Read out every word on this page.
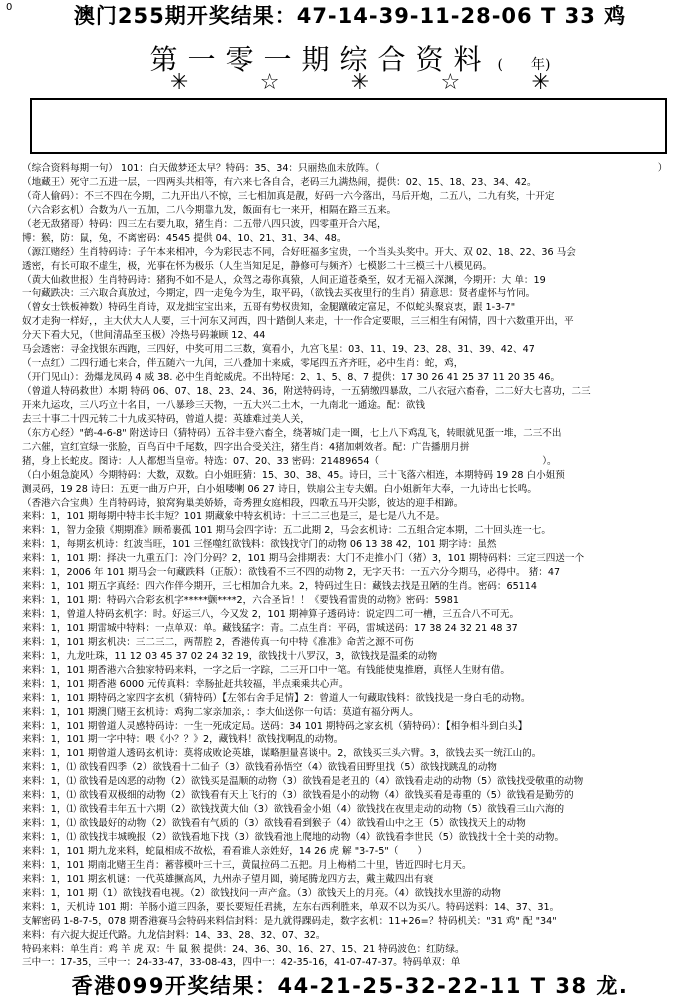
0	澳门255期开奖结果：47-14-39-11-28-06 T 33 鸡
第一零一期综合资料 (　　年)
✳	☆	✳	☆	✳
（综合资料每期一句） 101：白天做梦还太早？特码：35、34：只丽热血未放阵。（　　　　　　　　　　　　　　　　　　　　　　　　　　　　　）
（地藏王）死守二五进一层，一四两头共相等，有六来七各自合，老码三九满热闹，提供：02、15、18、23、34、42。
（奇人偷码）：不三不四在今期，二九开出八不惊，三七相加真是靓，好码一六今落出，马后开炮，二五八，二九有奖，十开定
（六合彩玄机）合数为八一五加，二八今期靠九发，飯面有七一来开，相隔在路三五来。
（老无敌猪哥）特码：四三左右要九取，猪生肖：二五带八四只波，四零重开合六尾，
博：猴，防：鼠，兔，不离密码：4545 提供 04、10、21、31、34、48。
（源江赌经）生肖特码诗：子午本来相冲，今为彩民志不同，合好旺福多宝贵，一个当头头奖中。开大、双 02、18、22、36 马会
透密，有长可取不虚生，极，光事在怀为极乐（人生当知足足，静修可与频齐）七模影二十三模三十八模见码。
（黄大仙救世报）生肖特码诗：猪狗不如不是人，众驾之毒你真猿，人间正道苍桑至，奴才无福入深渊，今期开：大 单：19
一句藏跌决：三六取合真放过，今期定，四一走兔今为生，取平码，（欲钱去买夜里行的生肖）猜意思：贤者虚怀与竹同。
（曾女士铁板神数）特码生肖诗，双龙拙宝宝出来，五哥有势权贵知，金腿蹴破定富足，不似蛇头聚哀衷，跟 1-3-7"
奴才走狗一样好，，主大伏大人人要，三十河东又河西，四十踏倒人来走，十一作合定要眼，三三相生有闲情，四十六数重开出，平
分天下看大兄，（世间清晶至玉极）冷热号码兼顾 12、44
马会透密：寻金找银东西跑，三四好，中奖可用二三数，寞看小，九宫飞星：03、11、19、23、28、31、39、42、47
（一点红）二四行通七来合，伴五随六一九闰，三八叠加十来威，零尾四五齐齐旺，必中生肖：蛇，鸡，
（开门见山）：劲爆龙凤码 4 威 38. 必中生肖蛇威虎。不出特尾：2、1、5、8、7 提供：17 30 26 41 25 37 11 20 35 46。
（曾道人特码救世）本期 特码 06、07、18、23、24、36，附送特码诗，一五猜缴四暴敌，二八衣冠六畜眷，二二好大七喜功，二三
开来九运攻，三八巧立十名目，一八暴珍三天物，一五大兴二土木，一九南北一通途。配：欲钱
去三十事二十四元转二十九成买特码，曾道人提：英雄难过美人关，
（东方心经）"鹤-4-6-8" 附送诗曰（猜特码）五谷丰登六畜全，绕著城门走一圈，七上八下鸡乱飞，转眼就见蛋一堆，二三不出
二六催，宣红宣绿一张脸，百鸟百中千尾数，四字出合受关注，猪生肖：4猪加刺效者。配：广告播朋月拼
猪，身上长蛇皮。图诗：人人都想当皇帝。特选：07、20、33 密码：21489654（　　　　　　　　　　　　　　　　　）。
（白小姐急旋风）今期特码：大数，双数。白小姐旺猜：15、30、38、45。诗曰，三十飞落六相连，本期特码 19 28 白小姐预
测灵码，19 28 诗曰：五更一曲万户开，白小姐喽喇 06 27 诗日，铁扇公主专夫媚。白小姐新年大奉，一九诗出七长鸣。
（香港六合宝典）生肖特码诗，狼窝狗巢美娇娇，奇秀狸女庭相段，四歌五马开尖影，彼达的迎手相蹄。
来料：1，101 期每期中特丰长丰短？101 期藏象中特玄机诗：十三二三也是三，是七是八九不是。
来料：1，智力金猿《期期准》顾希裹孤 101 期马会四字诗：五二此期 2，马会玄机诗：二五组合定本期，二十回头连一七。
来料：1，每期玄机诗：红波当旺，101 三怪噬红欲钱料：欲钱找守门的动物 06 13 38 42，101 期字诗：虽然
来料：1，101 期：择决一九重五门：冷门分码？2，101 期马会排期表：大门不走推小门（猪）3，101 期特码料：三定三四送一个
来料：1，2006 年 101 期马会一句藏跌料（正版）：欲钱看不三不四的动物 2，无字天书：一五六分今期马，必得中。 猪：47
来料：1，101 期五字真经：四六作伴今期开，三七相加合九来。2，特码过生日：藏钱去找是丑陋的生肖。密码：65114
来料：1，101 期：特码六合彩玄机字*****颤****2，六合圣旨！！《要钱看雷贵的动物》密码：5981
来料：1，曾道人特码玄机字：时。好运三八，今又发 2，101 期神算子透码诗：说定四二可一槽，三五合八不可无。
来料：1，101 期雷城中特料：一点单双：单。藏钱猛字：青。二点生肖：平码，雷城送码：17 38 24 32 21 48 37
来料：1，101 期玄机决：三二三二，两帮腔 2，香港传真一句中特《准准》命苦之源不可伤
来料：1，九龙吐珠，11 12 03 45 37 02 24 32 19，欲钱找十八罗汉，3，欲钱找是温柔的动物
来料：1，101 期香港六合独家特码来料，一字之后一字踪，二三开口中一笔。有钱能使鬼推磨，真怪人生财有借。
来料：1，101 期香港 6000 元传真料：幸肠扯赶共较福，半点乘乘共心声。
来料：1，101 期特码之家四字玄机（猜特码）【左邻右舍手足情】2：曾道人一句藏取钱料：欲钱找是一身白毛的动物。
来料：1，101 期澳门赌王玄机诗：鸡狗二家亲加亲，：李大仙送你一句话：莫道有福分两人。
来料：1，101 期曾道人灵感特码诗：一生一死成定局。送码：34 101 期特码之家玄机（猜特码）：【相争相斗到白头】
来料：1，101 期一字中特：喂《小？？》2，藏钱料！欲钱找啊乱的动物。
来料：1，101 期曾道人透码玄机诗：莫将成败论英雄，谋略胆量喜谈中。2，欲钱买三头六臂。3，欲钱去买一统江山的。
来料：1，⑴ 欲钱看四季（2）欲钱看十二仙子（3）欲钱看孙悟空（4）欲钱看田野里找（5）欲钱找跳乱的动物
来料：1，⑴ 欲钱看是凶恶的动物（2）欲钱买是温顺的动物（3）欲钱看是老丑的（4）欲钱看走动的动物（5）欲钱找受敬重的动物
来料：1，⑴ 欲钱看双极细的动物（2）欲钱看有天上飞行的（3）欲钱看是小的动物（4）欲钱买看是毒重的（5）欲钱看是勤劳的
来料：1，⑴ 欲钱看丰年五十六期（2）欲钱找黄大仙（3）欲钱看金小姐（4）欲钱找在夜里走动的动物（5）欲钱看三山六海的
来料：1，⑴ 欲钱最好的动物（2）欲钱看有气质的（3）欲钱看看到猴子（4）欲钱看山中之王（5）欲钱找天上的动物
来料：1，⑴ 欲钱找丰城晚报（2）欲钱看地下找（3）欲钱看池上爬地的动物（4）欲钱看李世民（5）欲钱找十全十美的动物。
来料：1，101 期九龙来料，蛇鼠相成不故松，看看谁人亲姓好，14 26 虎 解 "3-7-5"（　　）
来料：1，101 期南北赌王生肖：蓄蓉模叶三十三，黄鼠拉码二五把。月上梅梢二十里，皆近四时七月天。
来料：1，101 期玄机谜：一代英雄撅高风，九州赤子望月圆，骑尾腾龙四方去，戴主戴四出有衰
来料：1，101 期（1）欲钱找看电视。（2）欲钱找问一声产盒。（3）欲钱天上的月亮。（4）欲钱找水里游的动物
来料：1，天机诗 101 期：羊肠小道三四条，要长要短任君挑，左东右西利胜来，单双不以为买八。特码送料：14、37、31。
支解密码 1-8-7-5，078 期香港赛马会特码来料信封料：是九就得踝码走，数字玄机：11+26=？特码机关："31 鸡" 配 "34"
来料：有六捉大捉迁代路。九龙信封料：14、33、28、32、07、32。
特码来料：单生肖：鸡 羊 虎 双：牛 鼠 猴 提供：24、36、30、16、27、15、21 特码波色：红防绿。
三中一：17-35，三中一：24-33-47，33-08-43，四中一：42-35-16，41-07-47-37。特码单双：单
香港099开奖结果：44-21-25-32-22-11 T 38 龙.
